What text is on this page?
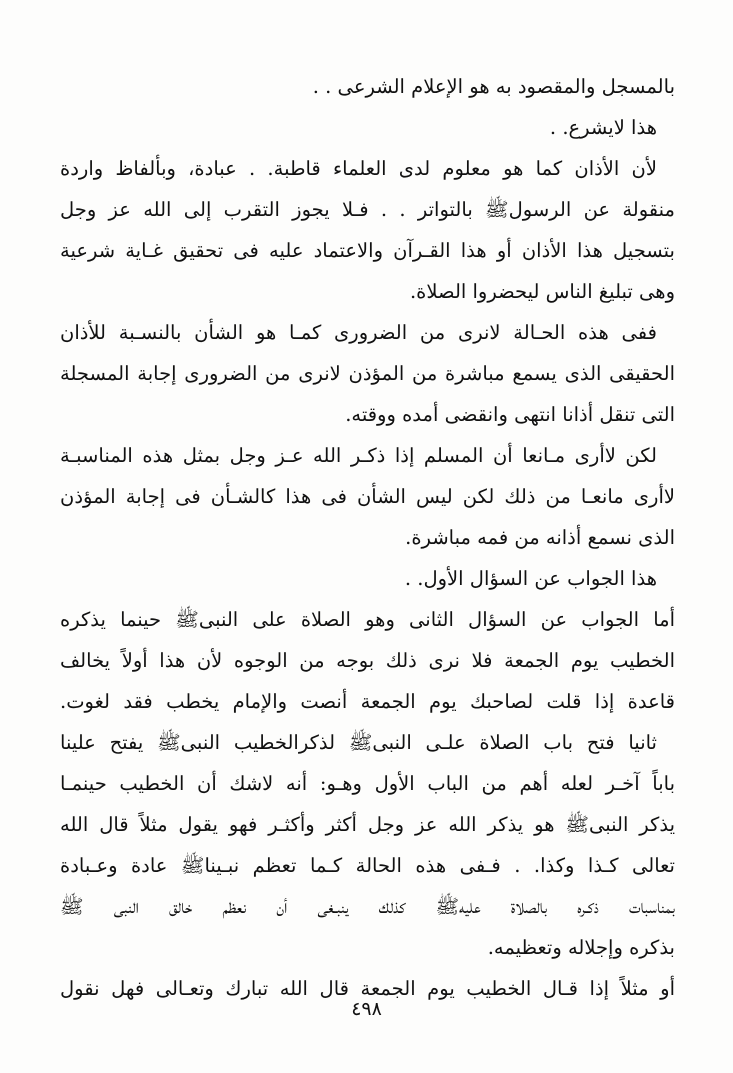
بالمسجل والمقصود به هو الإعلام الشرعى . .
هذا لايشرع. .
لأن الأذان كما هو معلوم لدى العلماء قاطبة. . عبادة، وبألفاظ واردة
منقولة عن الرسولﷺ بالتواتر . . فـلا يجوز التقرب إلى الله عز وجل
بتسجيل هذا الأذان أو هذا القـرآن والاعتماد عليه فى تحقيق غـاية شرعية
وهى تبليغ الناس ليحضروا الصلاة.
ففى هذه الحـالة لانرى من الضرورى كمـا هو الشأن بالنسـبة للأذان
الحقيقى الذى يسمع مباشرة من المؤذن لانرى من الضرورى إجابة المسجلة
التى تنقل أذانا انتهى وانقضى أمده ووقته.
لكن لاأرى مـانعا أن المسلم إذا ذكـر الله عـز وجل بمثل هذه المناسبـة
لاأرى مانعـا من ذلك لكن ليس الشأن فى هذا كالشـأن فى إجابة المؤذن
الذى نسمع أذانه من فمه مباشرة.
هذا الجواب عن السؤال الأول. .
أما الجواب عن السؤال الثانى وهو الصلاة على النبىﷺ حينما يذكره
الخطيب يوم الجمعة فلا نرى ذلك بوجه من الوجوه لأن هذا أولاً يخالف
قاعدة إذا قلت لصاحبك يوم الجمعة أنصت والإمام يخطب فقد لغوت.
ثانيا فتح باب الصلاة علـى النبىﷺ لذكرالخطيب النبىﷺ يفتح علينا
باباً آخـر لعله أهم من الباب الأول وهـو: أنه لاشك أن الخطيب حينمـا
يذكر النبىﷺ هو يذكر الله عز وجل أكثر وأكثـر فهو يقول مثلاً قال الله
تعالى كـذا وكذا. . فـفى هذه الحالة كـما تعظم نبـيناﷺ عادة وعـبادة
بمناسبات ذكـره بالصلاة عليهﷺ كذلك ينبـغى أن نعظم خالق النبى ﷺ
بذكره وإجلاله وتعظيمه.
أو مثلاً إذا قـال الخطيب يوم الجمعة قال الله تبارك وتعـالى فهل نقول
٤٩٨
